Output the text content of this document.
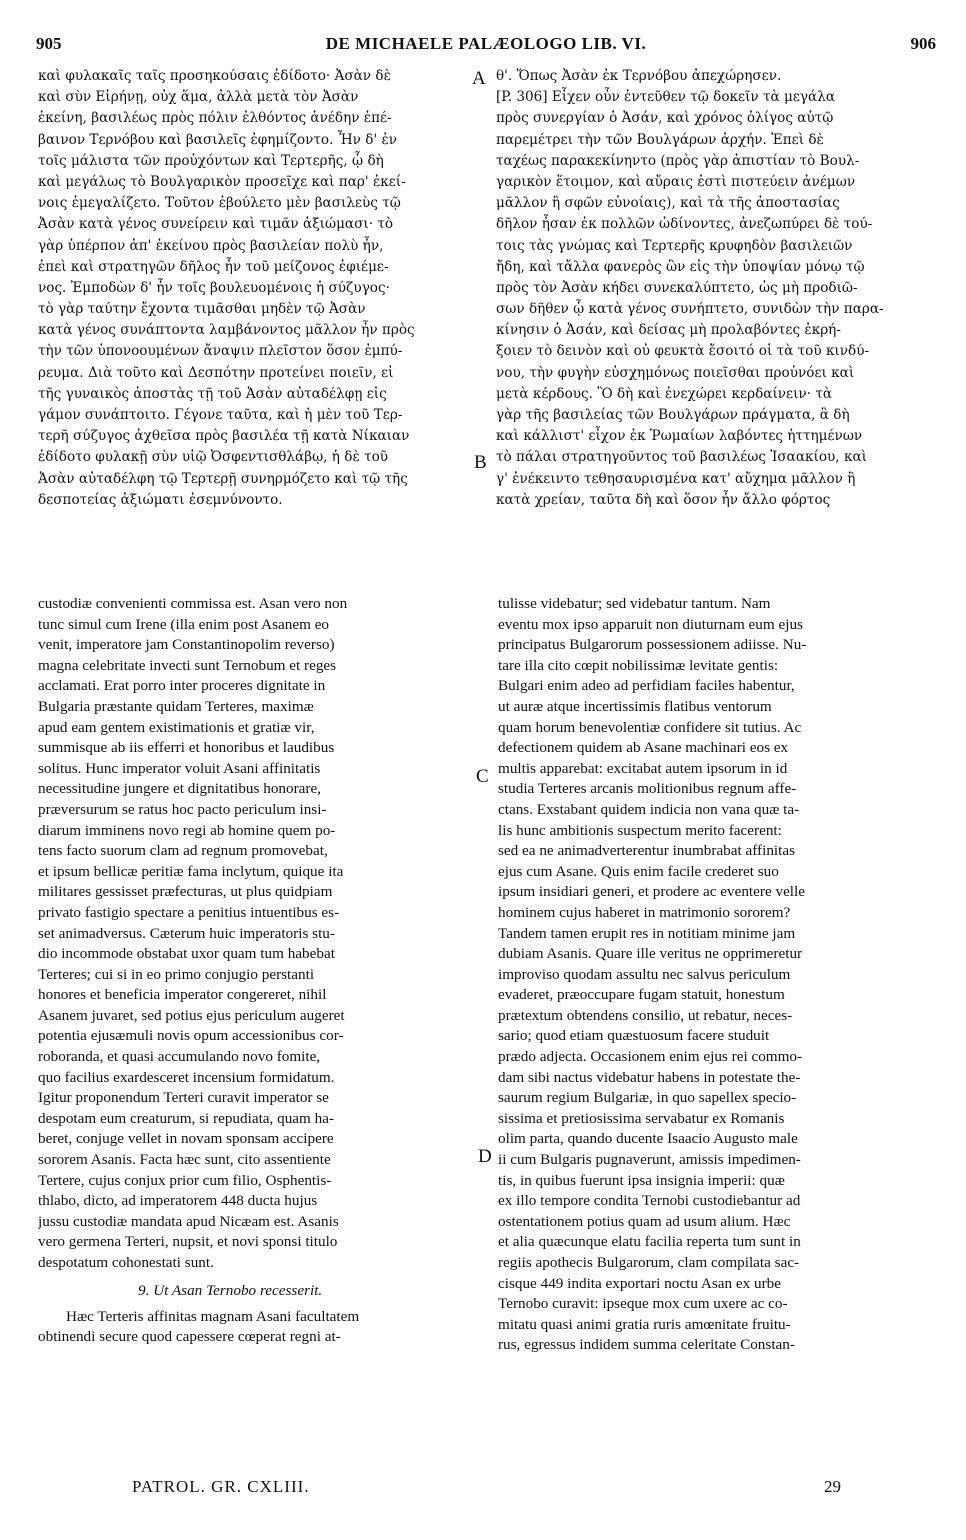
905	DE MICHAELE PALÆOLOGO LIB. VI.	906
καὶ φυλακαῖς ταῖς προσηκούσαις ἐδίδοτο· Ἀσὰν δὲ
καὶ σὺν Εἰρήνῃ, οὐχ ἅμα, ἀλλὰ μετὰ τὸν Ἀσὰν
ἐκείνη, βασιλέως πρὸς πόλιν ἐλθόντος ἀνέδην ἐπέ-
βαινον Τερνόβου καὶ βασιλεῖς ἐφημίζοντο. Ἦν δ' ἐν
τοῖς μάλιστα τῶν προὐχόντων καὶ Τερτερῆς, ᾧ δὴ
καὶ μεγάλως τὸ Βουλγαρικὸν προσεῖχε καὶ παρ' ἐκεί-
νοις ἐμεγαλίζετο. Τοῦτον ἐβούλετο μὲν βασιλεὺς τῷ
Ἀσὰν κατὰ γένος συνείρειν καὶ τιμᾶν ἀξιώμασι· τὸ
γὰρ ὑπέρπον ἀπ' ἐκείνου πρὸς βασιλείαν πολὺ ἦν,
ἐπεὶ καὶ στρατηγῶν δῆλος ἦν τοῦ μείζονος ἐφιέμε-
νος. Ἐμποδὼν δ' ἦν τοῖς βουλευομένοις ἡ σύζυγος·
τὸ γὰρ ταύτην ἔχοντα τιμᾶσθαι μηδὲν τῷ Ἀσὰν
κατὰ γένος συνάπτοντα λαμβάνοντος μᾶλλον ἦν πρὸς
τὴν τῶν ὑπονοουμένων ἄναψιν πλεῖστον ὅσον ἐμπύ-
ρευμα. Διὰ τοῦτο καὶ Δεσπότην προτείνει ποιεῖν, εἰ
τῆς γυναικὸς ἀποστὰς τῇ τοῦ Ἀσὰν αὐταδέλφῃ εἰς
γάμον συνάπτοιτο. Γέγονε ταῦτα, καὶ ἡ μὲν τοῦ Τερ-
τερῆ σύζυγος ἀχθεῖσα πρὸς βασιλέα τῇ κατὰ Νίκαιαν
ἐδίδοτο φυλακῇ σὺν υἱῷ Ὀσφεντισθλάβῳ, ἡ δὲ τοῦ
Ἀσὰν αὐταδέλφη τῷ Τερτερῇ συνηρμόζετο καὶ τῷ τῆς
δεσποτείας ἀξιώματι ἐσεμνύνοντο.
θ'. Ὅπως Ἀσὰν ἐκ Τερνόβου ἀπεχώρησεν.
[P. 306] Εἶχεν οὖν ἐντεῦθεν τῷ δοκεῖν τὰ μεγάλα
πρὸς συνεργίαν ὁ Ἀσάν, καὶ χρόνος ὀλίγος αὐτῷ
παρεμέτρει τὴν τῶν Βουλγάρων ἀρχήν. Ἐπεὶ δὲ
ταχέως παρακεκίνηντο (πρὸς γὰρ ἀπιστίαν τὸ Βουλ-
γαρικὸν ἕτοιμον, καὶ αὔραις ἐστὶ πιστεύειν ἀνέμων
μᾶλλον ἢ σφῶν εὐνοίαις), καὶ τὰ τῆς ἀποστασίας
δῆλον ἦσαν ἐκ πολλῶν ὠδίνοντες, ἀνεζωπύρει δὲ τού-
τοις τὰς γνώμας καὶ Τερτερῆς κρυφηδὸν βασιλειῶν
ἤδη, καὶ τἄλλα φανερὸς ὢν εἰς τὴν ὑποψίαν μόνῳ τῷ
πρὸς τὸν Ἀσὰν κήδει συνεκαλύπτετο, ὡς μὴ προδιῶ-
σων δῆθεν ᾧ κατὰ γένος συνήπτετο, συνιδὼν τὴν παρα-
κίνησιν ὁ Ἀσάν, καὶ δείσας μὴ προλαβόντες ἐκρή-
ξοιεν τὸ δεινὸν καὶ οὐ φευκτὰ ἔσοιτό οἱ τὰ τοῦ κινδύ-
νου, τὴν φυγὴν εὐσχημόνως ποιεῖσθαι προὐνόει καὶ
μετὰ κέρδους. Ὃ δὴ καὶ ἐνεχώρει κερδαίνειν· τὰ
γὰρ τῆς βασιλείας τῶν Βουλγάρων πράγματα, ἃ δὴ
καὶ κάλλιστ' εἶχον ἐκ Ῥωμαίων λαβόντες ἡττημένων
τὸ πάλαι στρατηγοῦντος τοῦ βασιλέως Ἰσαακίου, καὶ
γ' ἐνέκειντο τεθησαυρισμένα κατ' αὔχημα μᾶλλον ἢ
κατὰ χρείαν, ταῦτα δὴ καὶ ὅσον ἦν ἄλλο φόρτος
A
B
C
D
custodiæ convenienti commissa est. Asan vero non
tunc simul cum Irene (illa enim post Asanem eo
venit, imperatore jam Constantinopolim reverso)
magna celebritate invecti sunt Ternobum et reges
acclamati. Erat porro inter proceres dignitate in
Bulgaria præstante quidam Terteres, maximæ
apud eam gentem existimationis et gratiæ vir,
summisque ab iis efferri et honoribus et laudibus
solitus. Hunc imperator voluit Asani affinitatis
necessitudine jungere et dignitatibus honorare,
præversurum se ratus hoc pacto periculum insi-
diarum imminens novo regi ab homine quem po-
tens facto suorum clam ad regnum promovebat,
et ipsum bellicæ peritiæ fama inclytum, quique ita
militares gessisset præfecturas, ut plus quidpiam
privato fastigio spectare a penitius intuentibus es-
set animadversus. Cæterum huic imperatoris stu-
dio incommode obstabat uxor quam tum habebat
Terteres; cui si in eo primo conjugio perstanti
honores et beneficia imperator congereret, nihil
Asanem juvaret, sed potius ejus periculum augeret
potentia ejusæmuli novis opum accessionibus cor-
roboranda, et quasi accumulando novo fomite,
quo facilius exardesceret incensium formidatum.
Igitur proponendum Terteri curavit imperator se
despotam eum creaturum, si repudiata, quam ha-
beret, conjuge vellet in novam sponsam accipere
sororem Asanis. Facta hæc sunt, cito assentiente
Tertere, cujus conjux prior cum filio, Osphentis-
thlabo, dicto, ad imperatorem 448 ducta hujus
jussu custodiæ mandata apud Nicæam est. Asanis
vero germena Terteri, nupsit, et novi sponsi titulo
despotatum cohonestati sunt.
9. Ut Asan Ternobo recesserit.
Hæc Terteris affinitas magnam Asani facultatem
obtinendi secure quod capessere cœperat regni at-
tulisse videbatur; sed videbatur tantum. Nam
eventu mox ipso apparuit non diuturnam eum ejus
principatus Bulgarorum possessionem adiisse. Nu-
tare illa cito cœpit nobilissimæ levitate gentis:
Bulgari enim adeo ad perfidiam faciles habentur,
ut auræ atque incertissimis flatibus ventorum
quam horum benevolentiæ confidere sit tutius. Ac
defectionem quidem ab Asane machinari eos ex
multis apparebat: excitabat autem ipsorum in id
studia Terteres arcanis molitionibus regnum affe-
ctans. Exstabant quidem indicia non vana quæ ta-
lis hunc ambitionis suspectum merito facerent:
sed ea ne animadverterentur inumbrabat affinitas
ejus cum Asane. Quis enim facile crederet suo
ipsum insidiari generi, et prodere ac eventere velle
hominem cujus haberet in matrimonio sororem?
Tandem tamen erupit res in notitiam minime jam
dubiam Asanis. Quare ille veritus ne opprimeretur
improviso quodam assultu nec salvus periculum
evaderet, præoccupare fugam statuit, honestum
prætextum obtendens consilio, ut rebatur, neces-
sario; quod etiam quæstuosum facere studuit
prædo adjecta. Occasionem enim ejus rei commo-
dam sibi nactus videbatur habens in potestate the-
saurum regium Bulgariæ, in quo sapellex specio-
sissima et pretiosissima servabatur ex Romanis
olim parta, quando ducente Isaacio Augusto male
ii cum Bulgaris pugnaverunt, amissis impedimen-
tis, in quibus fuerunt ipsa insignia imperii: quæ
ex illo tempore condita Ternobi custodiebantur ad
ostentationem potius quam ad usum alium. Hæc
et alia quæcunque elatu facilia reperta tum sunt in
regiis apothecis Bulgarorum, clam compilata sac-
cisque 449 indita exportari noctu Asan ex urbe
Ternobo curavit: ipseque mox cum uxere ac co-
mitatu quasi animi gratia ruris amœnitate fruitu-
rus, egressus indidem summa celeritate Constan-
PATROL. GR. CXLIII.	29
